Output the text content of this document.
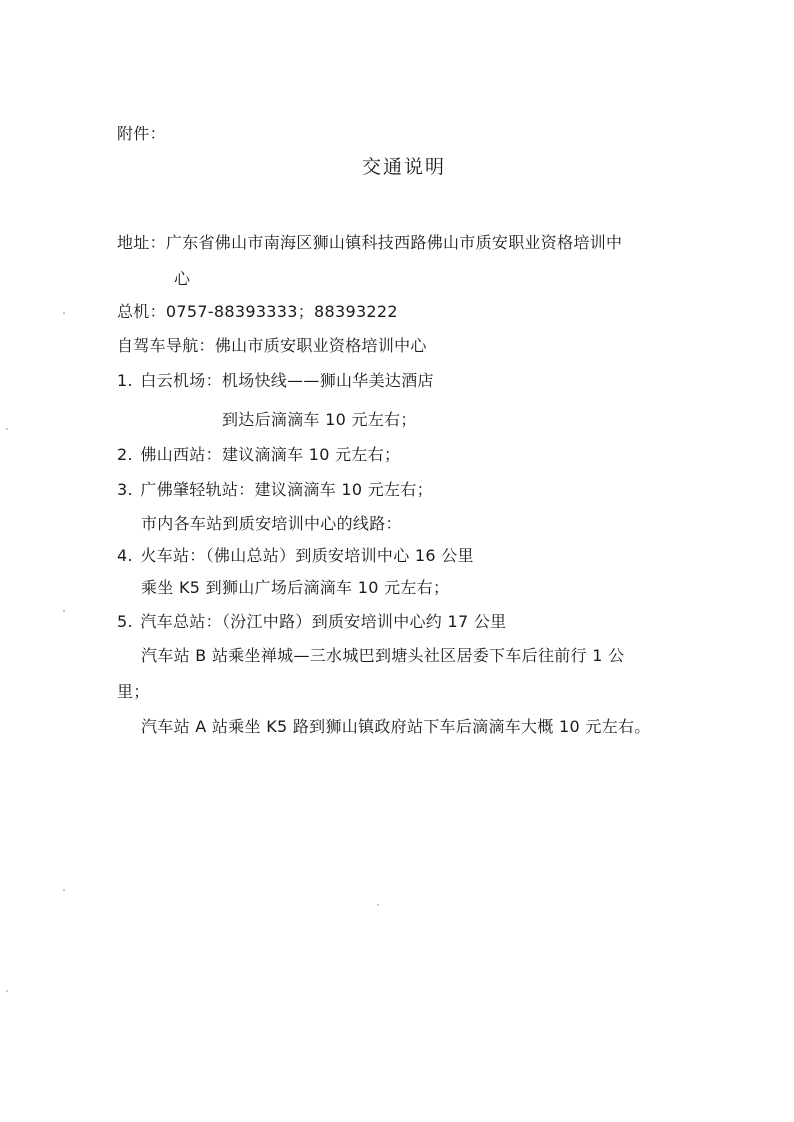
附件：
交通说明
地址：广东省佛山市南海区狮山镇科技西路佛山市质安职业资格培训中
心
总机：0757-88393333；88393222
自驾车导航：佛山市质安职业资格培训中心
1. 白云机场：机场快线——狮山华美达酒店
到达后滴滴车 10 元左右；
2. 佛山西站：建议滴滴车 10 元左右；
3. 广佛肇轻轨站：建议滴滴车 10 元左右；
市内各车站到质安培训中心的线路：
4. 火车站：（佛山总站）到质安培训中心 16 公里
乘坐 K5 到狮山广场后滴滴车 10 元左右；
5. 汽车总站：（汾江中路）到质安培训中心约 17 公里
汽车站 B 站乘坐禅城—三水城巴到塘头社区居委下车后往前行 1 公
里；
汽车站 A 站乘坐 K5 路到狮山镇政府站下车后滴滴车大概 10 元左右。
